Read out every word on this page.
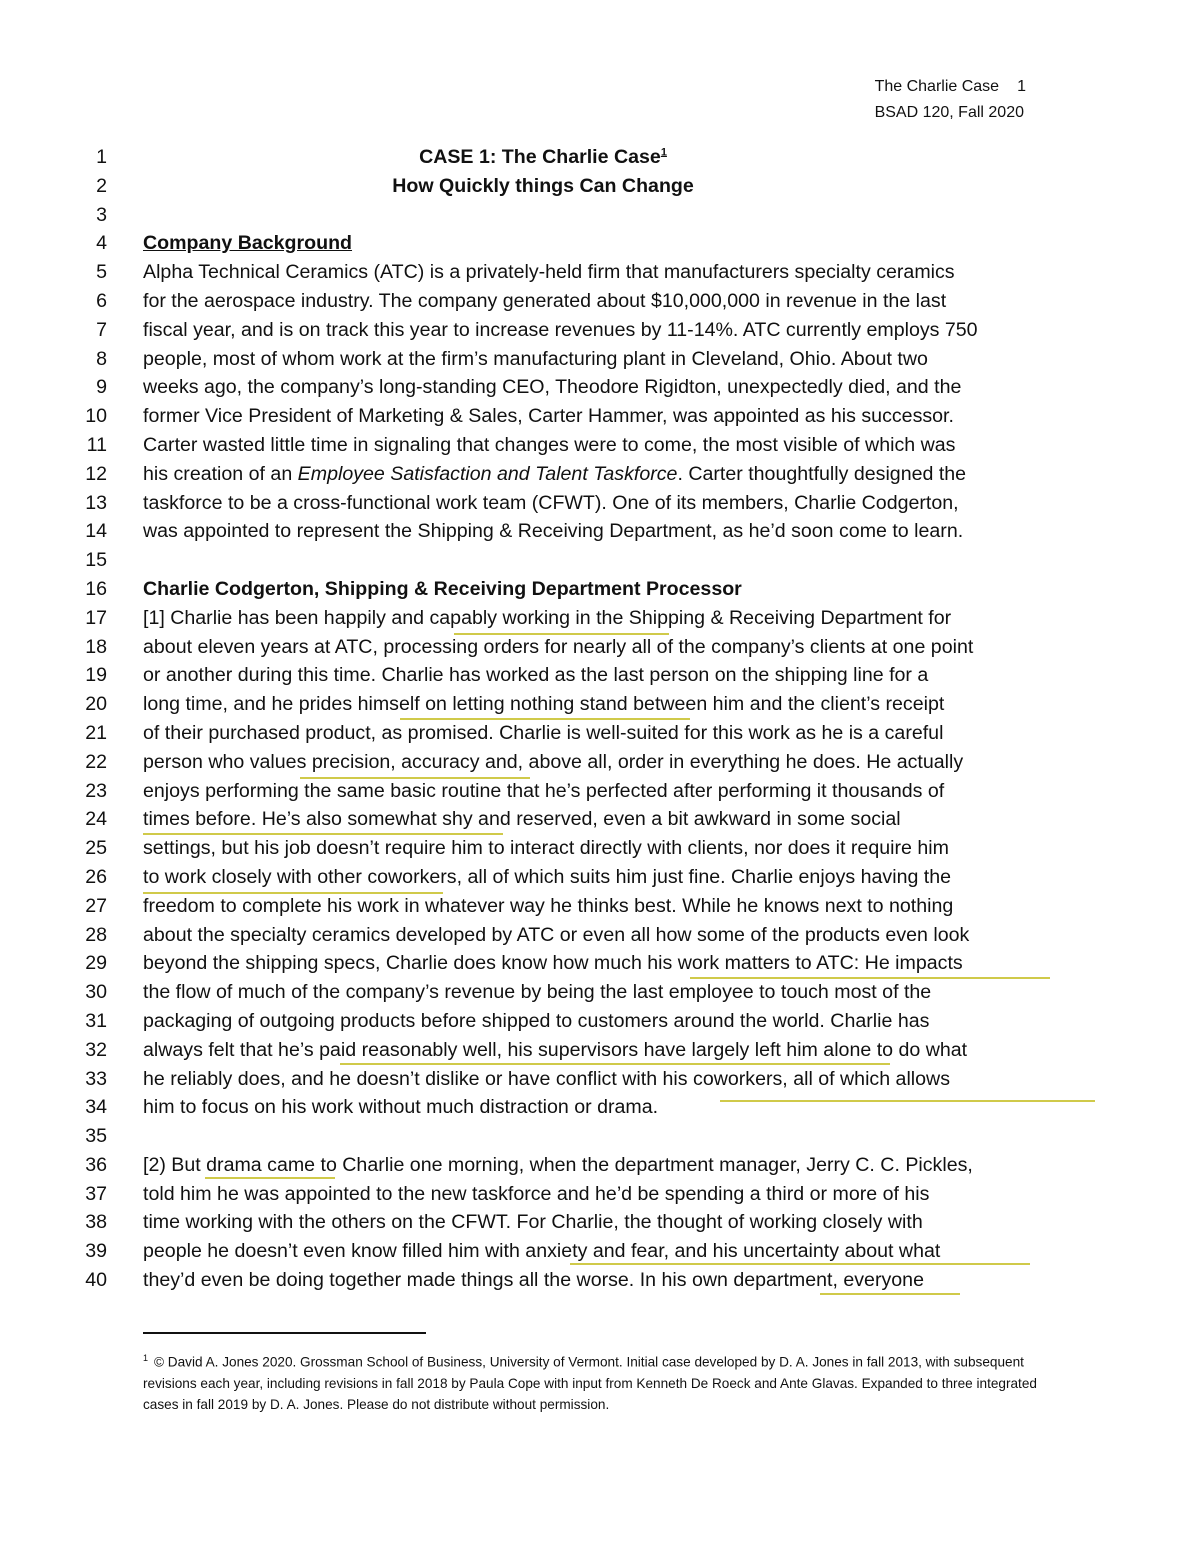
The Charlie Case 1
BSAD 120, Fall 2020
1	CASE 1: The Charlie Case$^1$
2	How Quickly things Can Change
3
4 Company Background
5 Alpha Technical Ceramics (ATC) is a privately-held firm that manufacturers specialty ceramics
6 for the aerospace industry. The company generated about $10,000,000 in revenue in the last
7 fiscal year, and is on track this year to increase revenues by 11-14%. ATC currently employs 750
8 people, most of whom work at the firm’s manufacturing plant in Cleveland, Ohio. About two
9 weeks ago, the company’s long-standing CEO, Theodore Rigidton, unexpectedly died, and the
10 former Vice President of Marketing & Sales, Carter Hammer, was appointed as his successor.
11 Carter wasted little time in signaling that changes were to come, the most visible of which was
12 his creation of an Employee Satisfaction and Talent Taskforce. Carter thoughtfully designed the
13 taskforce to be a cross-functional work team (CFWT). One of its members, Charlie Codgerton,
14 was appointed to represent the Shipping & Receiving Department, as he’d soon come to learn.
15
16 Charlie Codgerton, Shipping & Receiving Department Processor
17 [1] Charlie has been happily and capably working in the Shipping & Receiving Department for
18 about eleven years at ATC, processing orders for nearly all of the company’s clients at one point
19 or another during this time. Charlie has worked as the last person on the shipping line for a
20 long time, and he prides himself on letting nothing stand between him and the client’s receipt
21 of their purchased product, as promised. Charlie is well-suited for this work as he is a careful
22 person who values precision, accuracy and, above all, order in everything he does. He actually
23 enjoys performing the same basic routine that he’s perfected after performing it thousands of
24 times before. He’s also somewhat shy and reserved, even a bit awkward in some social
25 settings, but his job doesn’t require him to interact directly with clients, nor does it require him
26 to work closely with other coworkers, all of which suits him just fine. Charlie enjoys having the
27 freedom to complete his work in whatever way he thinks best. While he knows next to nothing
28 about the specialty ceramics developed by ATC or even all how some of the products even look
29 beyond the shipping specs, Charlie does know how much his work matters to ATC: He impacts
30 the flow of much of the company’s revenue by being the last employee to touch most of the
31 packaging of outgoing products before shipped to customers around the world. Charlie has
32 always felt that he’s paid reasonably well, his supervisors have largely left him alone to do what
33 he reliably does, and he doesn’t dislike or have conflict with his coworkers, all of which allows
34 him to focus on his work without much distraction or drama.
35
36 [2) But drama came to Charlie one morning, when the department manager, Jerry C. C. Pickles,
37 told him he was appointed to the new taskforce and he’d be spending a third or more of his
38 time working with the others on the CFWT. For Charlie, the thought of working closely with
39 people he doesn’t even know filled him with anxiety and fear, and his uncertainty about what
40 they’d even be doing together made things all the worse. In his own department, everyone
$^1$ © David A. Jones 2020. Grossman School of Business, University of Vermont. Initial case developed by D. A. Jones in fall 2013, with subsequent revisions each year, including revisions in fall 2018 by Paula Cope with input from Kenneth De Roeck and Ante Glavas. Expanded to three integrated cases in fall 2019 by D. A. Jones. Please do not distribute without permission.
